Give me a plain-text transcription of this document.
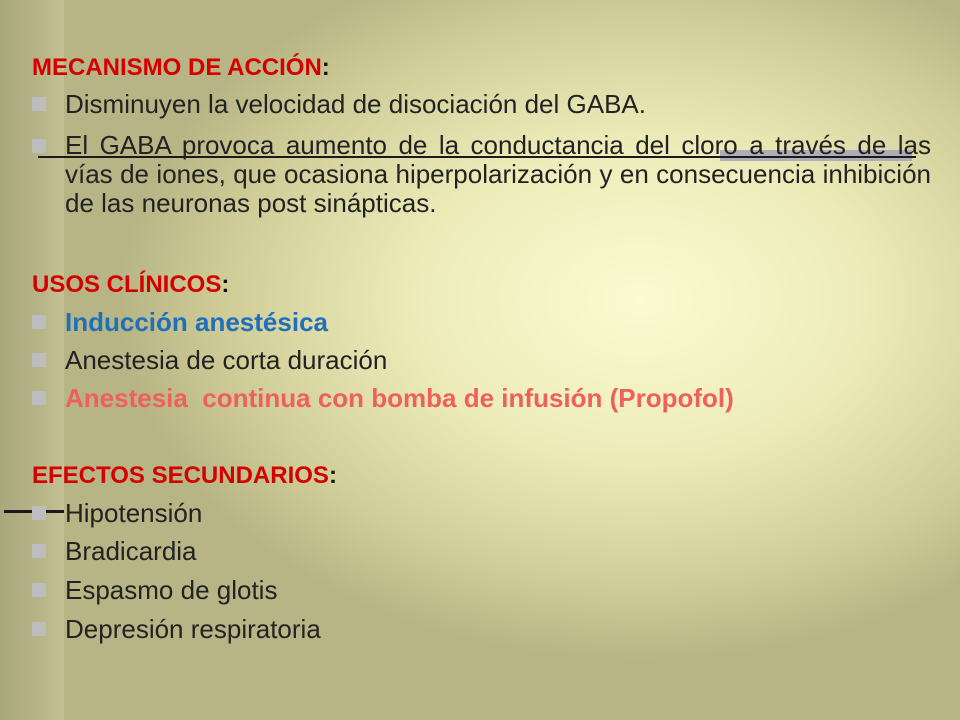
MECANISMO DE ACCIÓN:
Disminuyen la velocidad de disociación del GABA.
El GABA provoca aumento de la conductancia del cloro a través de las vías de iones, que ocasiona hiperpolarización y en consecuencia inhibición de las neuronas post sinápticas.
USOS CLÍNICOS:
Inducción anestésica
Anestesia de corta duración
Anestesia  continua con bomba de infusión (Propofol)
EFECTOS SECUNDARIOS:
Hipotensión
Bradicardia
Espasmo de glotis
Depresión respiratoria
